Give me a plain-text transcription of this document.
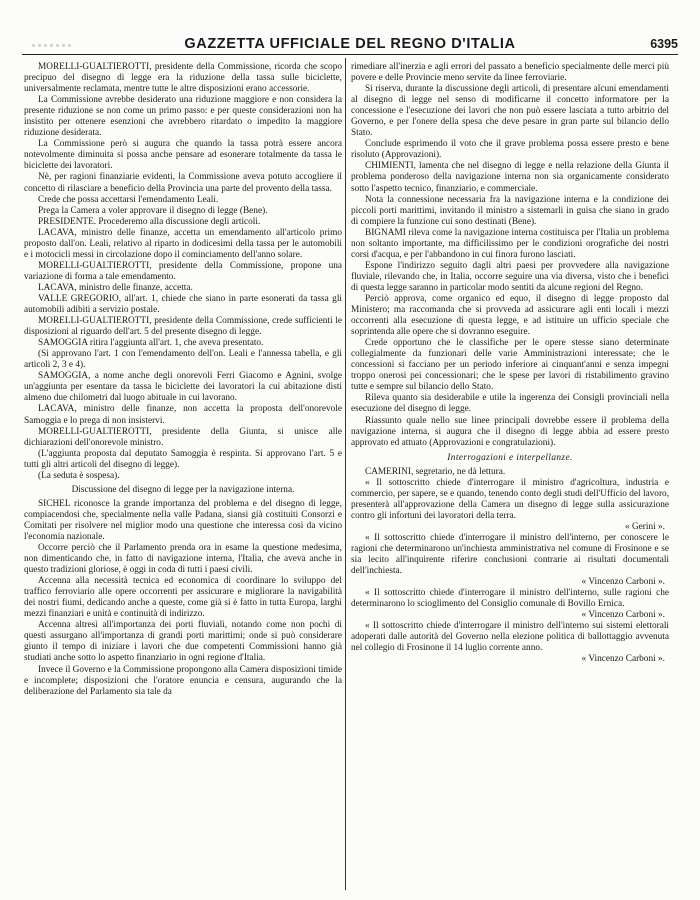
GAZZETTA UFFICIALE DEL REGNO D'ITALIA	6395

MORELLI-GUALTIEROTTI, presidente della Commissione, ricorda che scopo precipuo del disegno di legge era la riduzione della tassa sulle biciclette, universalmente reclamata, mentre tutte le altre disposizioni erano accessorie.

La Commissione avrebbe desiderato una riduzione maggiore e non considera la presente riduzione se non come un primo passo: e per queste considerazioni non ha insistito per ottenere esenzioni che avrebbero ritardato o impedito la maggiore riduzione desiderata.

La Commissione però si augura che quando la tassa potrà essere ancora notevolmente diminuita si possa anche pensare ad esonerare totalmente da tassa le biciclette dei lavoratori.

Nè, per ragioni finanziarie evidenti, la Commissione aveva potuto accogliere il concetto di rilasciare a beneficio della Provincia una parte del provento della tassa.

Crede che possa accettarsi l'emendamento Leali.

Prega la Camera a voler approvare il disegno di legge (Bene).

PRESIDENTE. Procederemo alla discussione degli articoli.

LACAVA, ministro delle finanze, accetta un emendamento all'articolo primo proposto dall'on. Leali, relativo al riparto in dodicesimi della tassa per le automobili e i motocicli messi in circolazione dopo il cominciamento dell'anno solare.

MORELLI-GUALTIEROTTI, presidente della Commissione, propone una variazione di forma a tale emendamento.

LACAVA, ministro delle finanze, accetta.

VALLE GREGORIO, all'art. 1, chiede che siano in parte esonerati da tassa gli automobili adibiti a servizio postale.

MORELLI-GUALTIEROTTI, presidente della Commissione, crede sufficienti le disposizioni al riguardo dell'art. 5 del presente disegno di legge.

SAMOGGIA ritira l'aggiunta all'art. 1, che aveva presentato.

(Si approvano l'art. 1 con l'emendamento dell'on. Leali e l'annessa tabella, e gli articoli 2, 3 e 4).

SAMOGGIA, a nome anche degli onorevoli Ferri Giacomo e Agnini, svolge un'aggiunta per esentare da tassa le biciclette dei lavoratori la cui abitazione disti almeno due chilometri dal luogo abituale in cui lavorano.

LACAVA, ministro delle finanze, non accetta la proposta dell'onorevole Samoggia e lo prega di non insistervi.

MORELLI-GUALTIEROTTI, presidente della Giunta, si unisce alle dichiarazioni dell'onorevole ministro.

(L'aggiunta proposta dal deputato Samoggia è respinta. Si approvano l'art. 5 e tutti gli altri articoli del disegno di legge).

(La seduta è sospesa).

Discussione del disegno di legge per la navigazione interna.

SICHEL riconosce la grande importanza del problema e del disegno di legge, compiacendosi che, specialmente nella valle Padana, siansi già costituiti Consorzi e Comitati per risolvere nel miglior modo una questione che interessa così da vicino l'economia nazionale.

Occorre perciò che il Parlamento prenda ora in esame la questione medesima, non dimenticando che, in fatto di navigazione interna, l'Italia, che aveva anche in questo tradizioni gloriose, è oggi in coda di tutti i paesi civili.

Accenna alla necessità tecnica ed economica di coordinare lo sviluppo del traffico ferroviario alle opere occorrenti per assicurare e migliorare la navigabilità dei nostri fiumi, dedicando anche a queste, come già si è fatto in tutta Europa, larghi mezzi finanziari e unità e continuità di indirizzo.

Accenna altresì all'importanza dei porti fluviali, notando come non pochi di questi assurgano all'importanza di grandi porti marittimi; onde si può considerare giunto il tempo di iniziare i lavori che due competenti Commissioni hanno già studiati anche sotto lo aspetto finanziario in ogni regione d'Italia.

Invece il Governo e la Commissione propongono alla Camera disposizioni timide e incomplete; disposizioni che l'oratore enuncia e censura, augurando che la deliberazione del Parlamento sia tale da

rimediare all'inerzia e agli errori del passato a beneficio specialmente delle merci più povere e delle Provincie meno servite da linee ferroviarie.

Si riserva, durante la discussione degli articoli, di presentare alcuni emendamenti al disegno di legge nel senso di modificarne il concetto informatore per la concessione e l'esecuzione dei lavori che non può essere lasciata a tutto arbitrio del Governo, e per l'onere della spesa che deve pesare in gran parte sul bilancio dello Stato.

Conclude esprimendo il voto che il grave problema possa essere presto e bene risoluto (Approvazioni).

CHIMIENTI, lamenta che nel disegno di legge e nella relazione della Giunta il problema ponderoso della navigazione interna non sia organicamente considerato sotto l'aspetto tecnico, finanziario, e commerciale.

Nota la connessione necessaria fra la navigazione interna e la condizione dei piccoli porti marittimi, invitando il ministro a sistemarli in guisa che siano in grado di compiere la funzione cui sono destinati (Bene).

BIGNAMI rileva come la navigazione interna costituisca per l'Italia un problema non soltanto importante, ma difficilissimo per le condizioni orografiche dei nostri corsi d'acqua, e per l'abbandono in cui finora furono lasciati.

Espone l'indirizzo seguito dagli altri paesi per provvedere alla navigazione fluviale, rilevando che, in Italia, occorre seguire una via diversa, visto che i benefici di questa legge saranno in particolar modo sentiti da alcune regioni del Regno.

Perciò approva, come organico ed equo, il disegno di legge proposto dal Ministero; ma raccomanda che si provveda ad assicurare agli enti locali i mezzi occorrenti alla esecuzione di questa legge, e ad istituire un ufficio speciale che soprintenda alle opere che si dovranno eseguire.

Crede opportuno che le classifiche per le opere stesse siano determinate collegialmente da funzionari delle varie Amministrazioni interessate; che le concessioni si facciano per un periodo inferiore ai cinquant'anni e senza impegni troppo onerosi pei concessionari; che le spese per lavori di ristabilimento gravino tutte e sempre sul bilancio dello Stato.

Rileva quanto sia desiderabile e utile la ingerenza dei Consigli provinciali nella esecuzione del disegno di legge.

Riassunto quale nello sue linee principali dovrebbe essere il problema della navigazione interna, si augura che il disegno di legge abbia ad essere presto approvato ed attuato (Approvazioni e congratulazioni).

Interrogazioni e interpellanze.

CAMERINI, segretario, ne dà lettura.

« Il sottoscritto chiede d'interrogare il ministro d'agricoltura, industria e commercio, per sapere, se e quando, tenendo conto degli studi dell'Ufficio del lavoro, presenterà all'approvazione della Camera un disegno di legge sulla assicurazione contro gli infortuni dei lavoratori della terra.

« Gerini ».

« Il sottoscritto chiede d'interrogare il ministro dell'interno, per conoscere le ragioni che determinarono un'inchiesta amministrativa nel comune di Frosinone e se sia lecito all'inquirente riferire conclusioni contrarie ai risultati documentali dell'inchiesta.

« Vincenzo Carboni ».

« Il sottoscritto chiede d'interrogare il ministro dell'interno, sulle ragioni che determinarono lo scioglimento del Consiglio comunale di Bovillo Ernica.

« Vincenzo Carboni ».

« Il sottoscritto chiede d'interrogare il ministro dell'interno sui sistemi elettorali adoperati dalle autorità del Governo nella elezione politica di ballottaggio avvenuta nel collegio di Frosinone il 14 luglio corrente anno.

« Vincenzo Carboni ».
